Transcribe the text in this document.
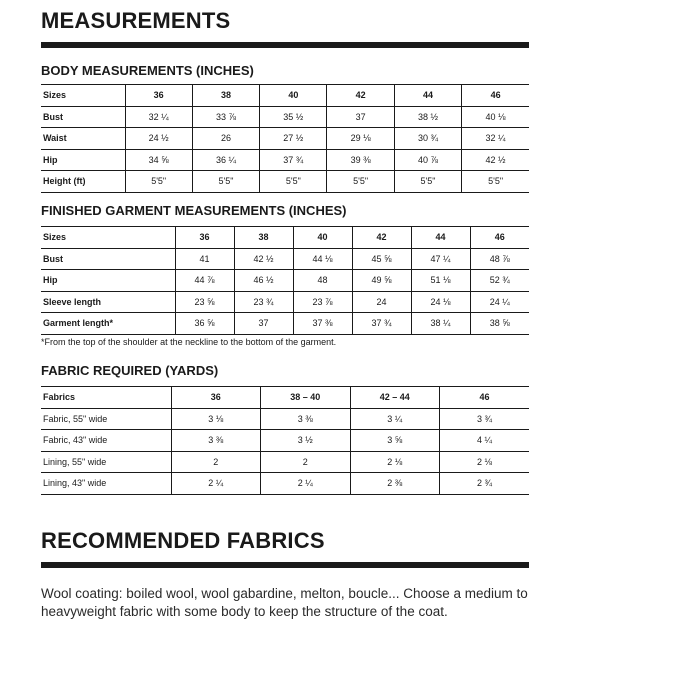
MEASUREMENTS
BODY MEASUREMENTS (INCHES)
Sizes	36	38	40	42	44	46
Bust	32 ¼	33 ⅞	35 ½	37	38 ½	40 ⅛
Waist	24 ½	26	27 ½	29 ⅛	30 ¾	32 ¼
Hip	34 ⅝	36 ¼	37 ¾	39 ⅜	40 ⅞	42 ½
Height (ft)	5'5"	5'5"	5'5"	5'5"	5'5"	5'5"
FINISHED GARMENT MEASUREMENTS (INCHES)
Sizes	36	38	40	42	44	46
Bust	41	42 ½	44 ⅛	45 ⅝	47 ¼	48 ⅞
Hip	44 ⅞	46 ½	48	49 ⅝	51 ⅛	52 ¾
Sleeve length	23 ⅝	23 ¾	23 ⅞	24	24 ⅛	24 ¼
Garment length*	36 ⅝	37	37 ⅜	37 ¾	38 ¼	38 ⅝

*From the top of the shoulder at the neckline to the bottom of the garment.

FABRIC REQUIRED (YARDS)
Fabrics	36	38 – 40	42 – 44	46
Fabric, 55" wide	3 ⅛	3 ⅜	3 ¼	3 ¾
Fabric, 43" wide	3 ⅜	3 ½	3 ⅝	4 ¼
Lining, 55" wide	2	2	2 ⅛	2 ⅛
Lining, 43" wide	2 ¼	2 ¼	2 ⅜	2 ¾
RECOMMENDED FABRICS

Wool coating: boiled wool, wool gabardine, melton, boucle... Choose a medium to heavyweight fabric with some body to keep the structure of the coat.
